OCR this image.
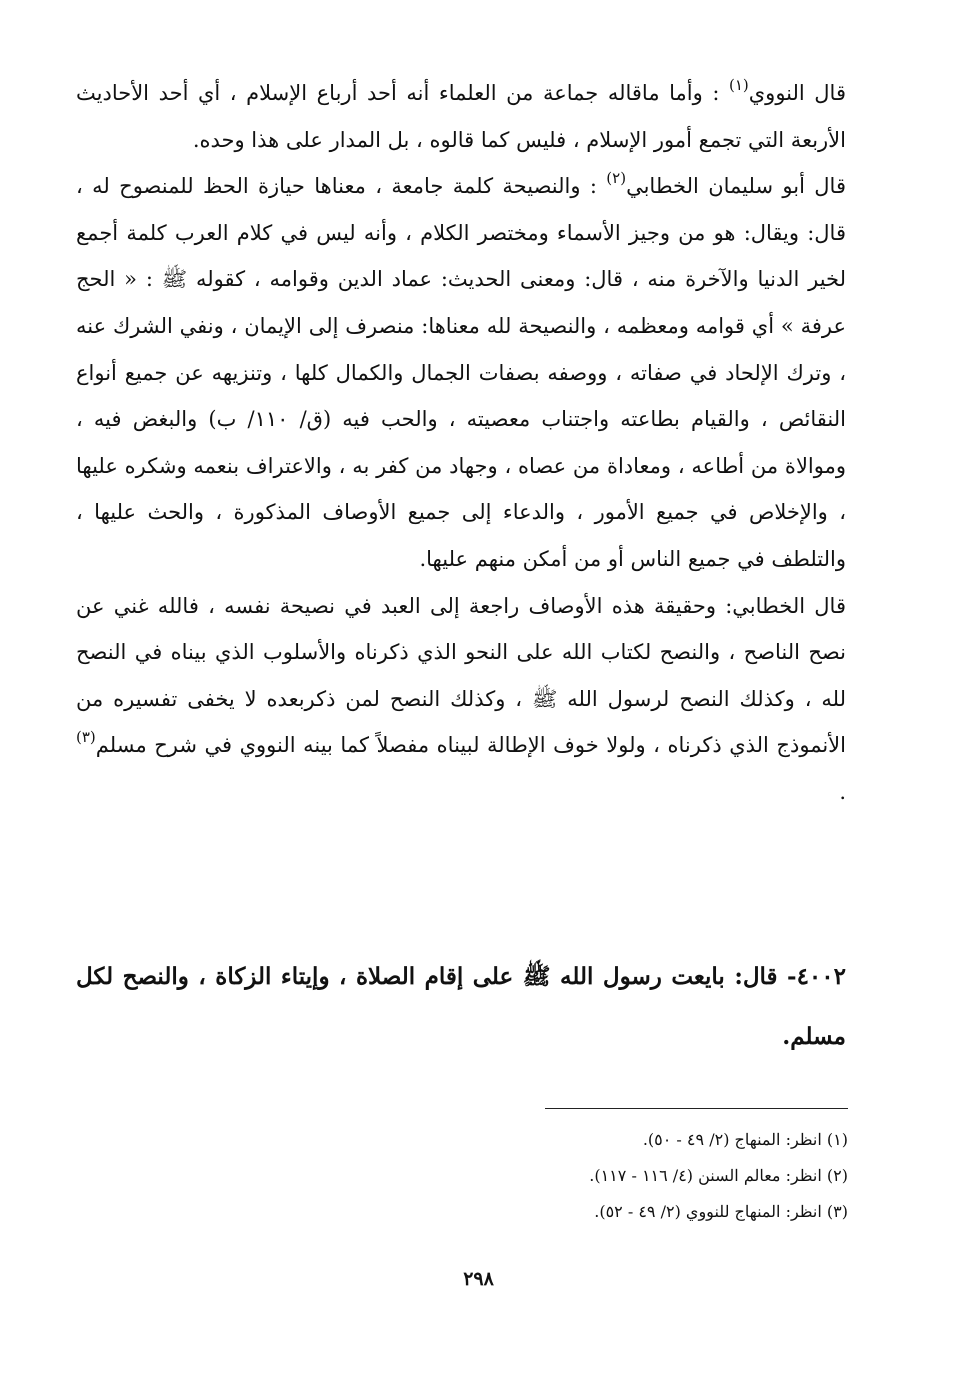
قال النووي$^{(١)}$ : وأما ماقاله جماعة من العلماء أنه أحد أرباع الإسلام ، أي أحد الأحاديث الأربعة التي تجمع أمور الإسلام ، فليس كما قالوه ، بل المدار على هذا وحده.

قال أبو سليمان الخطابي$^{(٢)}$ : والنصيحة كلمة جامعة ، معناها حيازة الحظ للمنصوح له ، قال: ويقال: هو من وجيز الأسماء ومختصر الكلام ، وأنه ليس في كلام العرب كلمة أجمع لخير الدنيا والآخرة منه ، قال: ومعنى الحديث: عماد الدين وقوامه ، كقوله ﷺ : « الحج عرفة » أي قوامه ومعظمه ، والنصيحة لله معناها: منصرف إلى الإيمان ، ونفي الشرك عنه ، وترك الإلحاد في صفاته ، ووصفه بصفات الجمال والكمال كلها ، وتنزيهه عن جميع أنواع النقائص ، والقيام بطاعته واجتناب معصيته ، والحب فيه (ق/ ١١٠/ ب) والبغض فيه ، وموالاة من أطاعه ، ومعاداة من عصاه ، وجهاد من كفر به ، والاعتراف بنعمه وشكره عليها ، والإخلاص في جميع الأمور ، والدعاء إلى جميع الأوصاف المذكورة ، والحث عليها ، والتلطف في جميع الناس أو من أمكن منهم عليها.

قال الخطابي: وحقيقة هذه الأوصاف راجعة إلى العبد في نصيحة نفسه ، فالله غني عن نصح الناصح ، والنصح لكتاب الله على النحو الذي ذكرناه والأسلوب الذي بيناه في النصح لله ، وكذلك النصح لرسول الله ﷺ ، وكذلك النصح لمن ذكربعده لا يخفى تفسيره من الأنموذج الذي ذكرناه ، ولولا خوف الإطالة لبيناه مفصلاً كما بينه النووي في شرح مسلم$^{(٣)}$ .

٤٠٠٢- قال: بايعت رسول الله ﷺ على إقام الصلاة ، وإيتاء الزكاة ، والنصح لكل مسلم.

(١) انظر: المنهاج (٢/ ٤٩ - ٥٠).
(٢) انظر: معالم السنن (٤/ ١١٦ - ١١٧).
(٣) انظر: المنهاج للنووي (٢/ ٤٩ - ٥٢).
٢٩٨
